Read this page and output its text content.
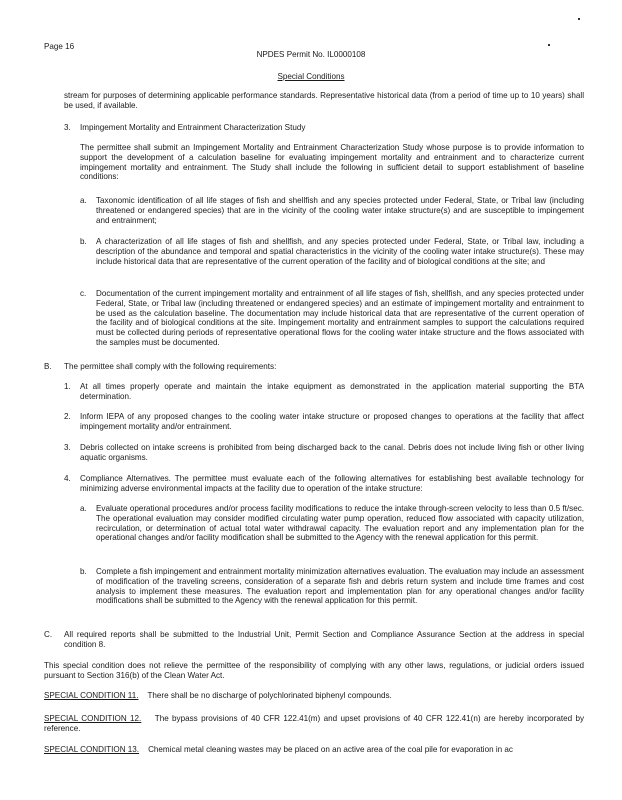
Page 16
NPDES Permit No. IL0000108
Special Conditions
stream for purposes of determining applicable performance standards. Representative historical data (from a period of time up to 10 years) shall be used, if available.
3. Impingement Mortality and Entrainment Characterization Study
The permittee shall submit an Impingement Mortality and Entrainment Characterization Study whose purpose is to provide information to support the development of a calculation baseline for evaluating impingement mortality and entrainment and to characterize current impingement mortality and entrainment. The Study shall include the following in sufficient detail to support establishment of baseline conditions:
a. Taxonomic identification of all life stages of fish and shellfish and any species protected under Federal, State, or Tribal law (including threatened or endangered species) that are in the vicinity of the cooling water intake structure(s) and are susceptible to impingement and entrainment;
b. A characterization of all life stages of fish and shellfish, and any species protected under Federal, State, or Tribal law, including a description of the abundance and temporal and spatial characteristics in the vicinity of the cooling water intake structure(s). These may include historical data that are representative of the current operation of the facility and of biological conditions at the site; and
c. Documentation of the current impingement mortality and entrainment of all life stages of fish, shellfish, and any species protected under Federal, State, or Tribal law (including threatened or endangered species) and an estimate of impingement mortality and entrainment to be used as the calculation baseline. The documentation may include historical data that are representative of the current operation of the facility and of biological conditions at the site. Impingement mortality and entrainment samples to support the calculations required must be collected during periods of representative operational flows for the cooling water intake structure and the flows associated with the samples must be documented.
B. The permittee shall comply with the following requirements:
1. At all times properly operate and maintain the intake equipment as demonstrated in the application material supporting the BTA determination.
2. Inform IEPA of any proposed changes to the cooling water intake structure or proposed changes to operations at the facility that affect impingement mortality and/or entrainment.
3. Debris collected on intake screens is prohibited from being discharged back to the canal. Debris does not include living fish or other living aquatic organisms.
4. Compliance Alternatives. The permittee must evaluate each of the following alternatives for establishing best available technology for minimizing adverse environmental impacts at the facility due to operation of the intake structure:
a. Evaluate operational procedures and/or process facility modifications to reduce the intake through-screen velocity to less than 0.5 ft/sec. The operational evaluation may consider modified circulating water pump operation, reduced flow associated with capacity utilization, recirculation, or determination of actual total water withdrawal capacity. The evaluation report and any implementation plan for the operational changes and/or facility modification shall be submitted to the Agency with the renewal application for this permit.
b. Complete a fish impingement and entrainment mortality minimization alternatives evaluation. The evaluation may include an assessment of modification of the traveling screens, consideration of a separate fish and debris return system and include time frames and cost analysis to implement these measures. The evaluation report and implementation plan for any operational changes and/or facility modifications shall be submitted to the Agency with the renewal application for this permit.
C. All required reports shall be submitted to the Industrial Unit, Permit Section and Compliance Assurance Section at the address in special condition 8.
This special condition does not relieve the permittee of the responsibility of complying with any other laws, regulations, or judicial orders issued pursuant to Section 316(b) of the Clean Water Act.
SPECIAL CONDITION 11. There shall be no discharge of polychlorinated biphenyl compounds.
SPECIAL CONDITION 12. The bypass provisions of 40 CFR 122.41(m) and upset provisions of 40 CFR 122.41(n) are hereby incorporated by reference.
SPECIAL CONDITION 13. Chemical metal cleaning wastes may be placed on an active area of the coal pile for evaporation in ac
